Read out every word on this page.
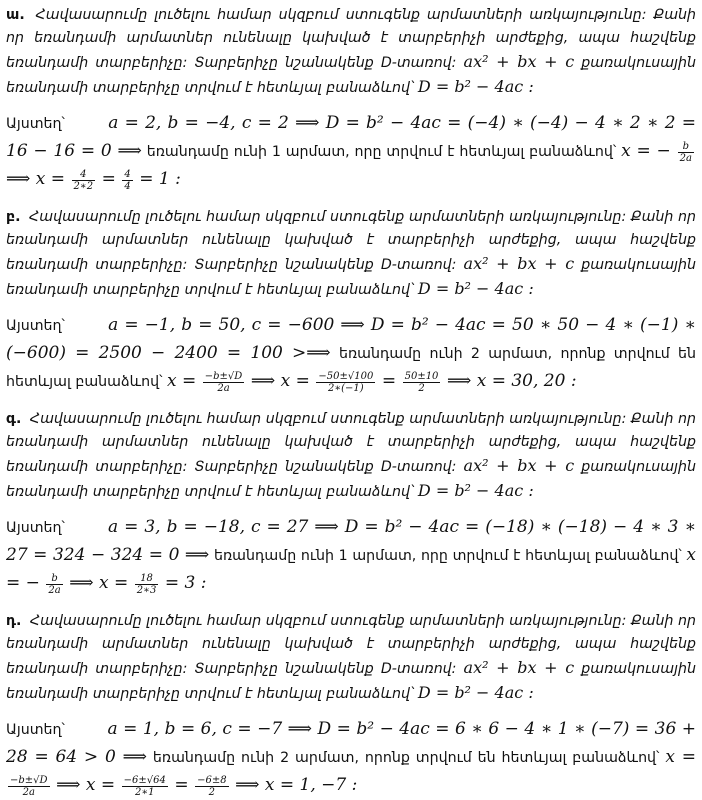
ա. Հավասարումը լուծելու համար սկզբում ստուգենք արմատների առկայությունը: Քանի որ եռանդամի արմատներ ունենալը կախված է տարբերիչի արժեքից, ապա հաշվենք եռանդամի տարբերիչը: Տարբերիչը նշանակենք D-տառով: ax² + bx + c քառակուսային եռանդամի տարբերիչը տրվում է հետևյալ բանաձևով՝ D = b² − 4ac :

Այստեղ՝	a = 2, b = −4, c = 2 ⟹ D = b² − 4ac = (−4) ∗ (−4) − 4 ∗ 2 ∗ 2 = 16 − 16 = 0 ⟹ եռանդամը ունի 1 արմատ, որը տրվում է հետևյալ բանաձևով՝ x = − $\frac{b}{2a}$
⟹ $x = \frac{4}{2∗2} = \frac{4}{4} = 1$ :

բ. Հավասարումը լուծելու համար սկզբում ստուգենք արմատների առկայությունը: Քանի որ եռանդամի արմատներ ունենալը կախված է տարբերիչի արժեքից, ապա հաշվենք եռանդամի տարբերիչը: Տարբերիչը նշանակենք D-տառով: ax² + bx + c քառակուսային եռանդամի տարբերիչը տրվում է հետևյալ բանաձևով՝ D = b² − 4ac :

Այստեղ՝	a = −1, b = 50, c = −600 ⟹ D = b² − 4ac = 50 ∗ 50 − 4 ∗ (−1) ∗ (−600) = 2500 − 2400 = 100 >⟹ եռանդամը ունի 2 արմատ, որոնք տրվում են հետևյալ բանաձևով՝ $x = \frac{-b\pm√D}{2a}$ ⟹ $x = \frac{-50\pm√100}{2∗(-1)} = \frac{50\pm 10}{2}$ ⟹ x = 30, 20 :

գ. Հավասարումը լուծելու համար սկզբում ստուգենք արմատների առկայությունը: Քանի որ եռանդամի արմատներ ունենալը կախված է տարբերիչի արժեքից, ապա հաշվենք եռանդամի տարբերիչը: Տարբերիչը նշանակենք D-տառով: ax² + bx + c քառակուսային եռանդամի տարբերիչը տրվում է հետևյալ բանաձևով՝ D = b² − 4ac :

Այստեղ՝	a = 3, b = −18, c = 27 ⟹ D = b² − 4ac = (−18) ∗ (−18) − 4 ∗ 3 ∗ 27 = 324 − 324 = 0 ⟹ եռանդամը ունի 1 արմատ, որը տրվում է հետևյալ բանաձևով՝ x = − $\frac{b}{2a}$ ⟹ $x = \frac{18}{2∗3} = 3$ :

դ. Հավասարումը լուծելու համար սկզբում ստուգենք արմատների առկայությունը: Քանի որ եռանդամի արմատներ ունենալը կախված է տարբերիչի արժեքից, ապա հաշվենք եռանդամի տարբերիչը: Տարբերիչը նշանակենք D-տառով: ax² + bx + c քառակուսային եռանդամի տարբերիչը տրվում է հետևյալ բանաձևով՝ D = b² − 4ac :

Այստեղ՝	a = 1, b = 6, c = −7 ⟹ D = b² − 4ac = 6 ∗ 6 − 4 ∗ 1 ∗ (−7) = 36 + 28 = 64 > 0 ⟹ եռանդամը ունի 2 արմատ, որոնք տրվում են հետևյալ բանաձևով՝ x =
$\frac{-b\pm√D}{2a}$ ⟹ $x = \frac{-6\pm√64}{2∗1} = \frac{-6\pm 8}{2}$ ⟹ x = 1, −7 :
